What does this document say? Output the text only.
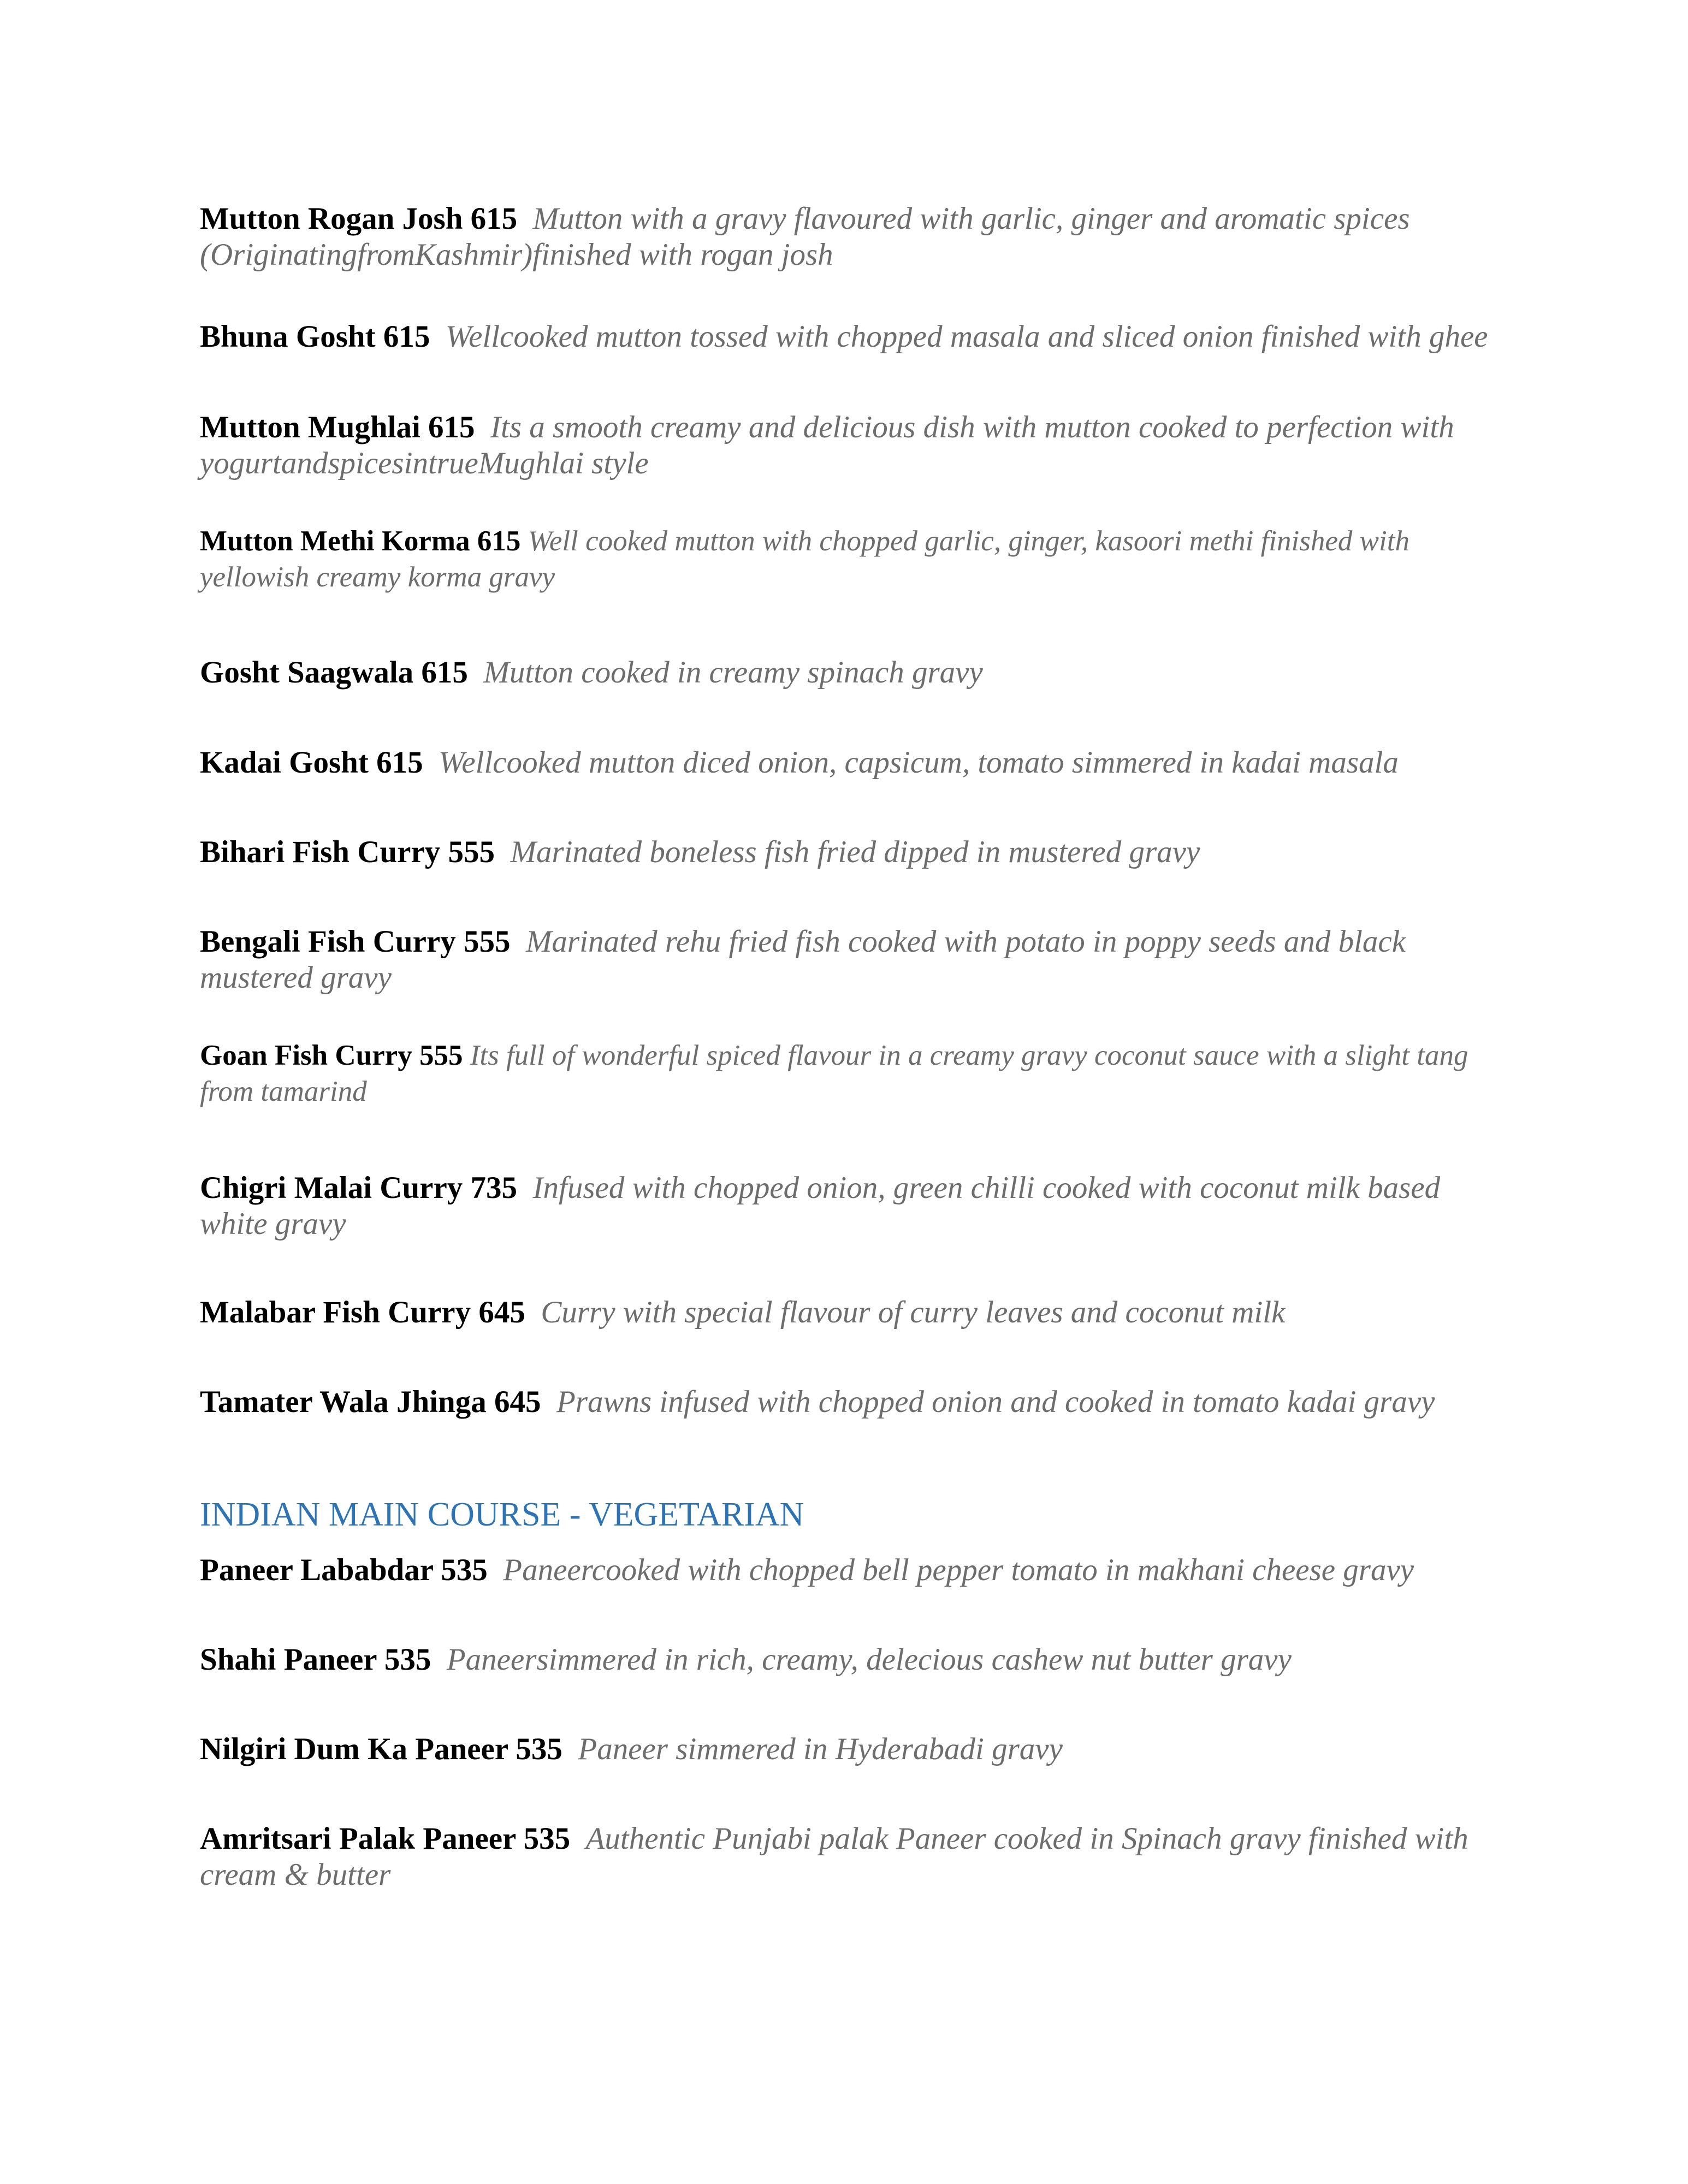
Mutton Rogan Josh 615 Mutton with a gravy flavoured with garlic, ginger and aromatic spices (OriginatingfromKashmir)finished with rogan josh
Bhuna Gosht 615 Wellcooked mutton tossed with chopped masala and sliced onion finished with ghee
Mutton Mughlai 615 Its a smooth creamy and delicious dish with mutton cooked to perfection with yogurtandspicesintrueMughlai style
Mutton Methi Korma 615 Well cooked mutton with chopped garlic, ginger, kasoori methi finished with yellowish creamy korma gravy
Gosht Saagwala 615 Mutton cooked in creamy spinach gravy
Kadai Gosht 615 Wellcooked mutton diced onion, capsicum, tomato simmered in kadai masala
Bihari Fish Curry 555 Marinated boneless fish fried dipped in mustered gravy
Bengali Fish Curry 555 Marinated rehu fried fish cooked with potato in poppy seeds and black mustered gravy
Goan Fish Curry 555 Its full of wonderful spiced flavour in a creamy gravy coconut sauce with a slight tang from tamarind
Chigri Malai Curry 735 Infused with chopped onion, green chilli cooked with coconut milk based white gravy
Malabar Fish Curry 645 Curry with special flavour of curry leaves and coconut milk
Tamater Wala Jhinga 645 Prawns infused with chopped onion and cooked in tomato kadai gravy
INDIAN MAIN COURSE - VEGETARIAN
Paneer Lababdar 535 Paneercooked with chopped bell pepper tomato in makhani cheese gravy
Shahi Paneer 535 Paneersimmered in rich, creamy, delecious cashew nut butter gravy
Nilgiri Dum Ka Paneer 535 Paneer simmered in Hyderabadi gravy
Amritsari Palak Paneer 535 Authentic Punjabi palak Paneer cooked in Spinach gravy finished with cream & butter
